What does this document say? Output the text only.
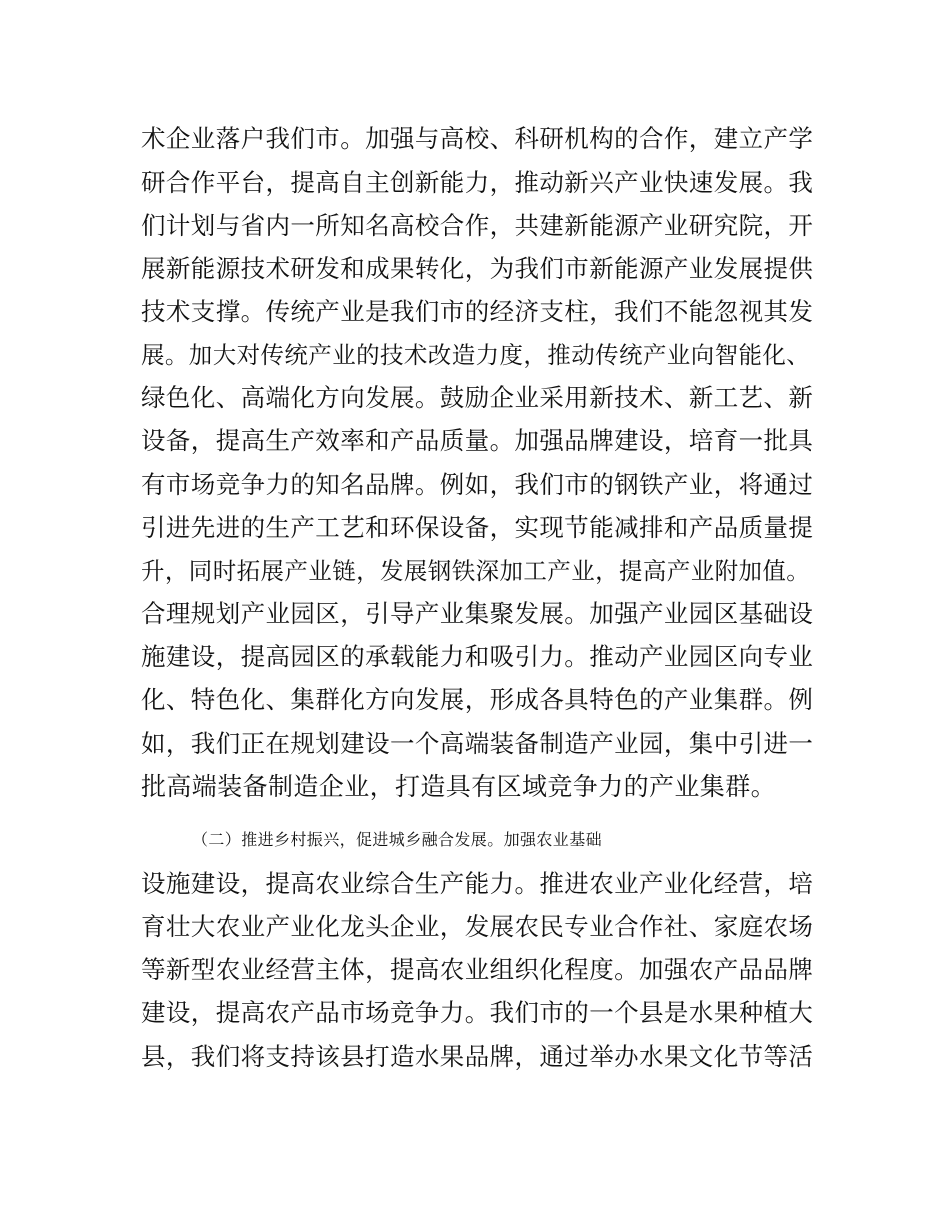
术企业落户我们市。加强与高校、科研机构的合作，建立产学
研合作平台，提高自主创新能力，推动新兴产业快速发展。我
们计划与省内一所知名高校合作，共建新能源产业研究院，开
展新能源技术研发和成果转化，为我们市新能源产业发展提供
技术支撑。传统产业是我们市的经济支柱，我们不能忽视其发
展。加大对传统产业的技术改造力度，推动传统产业向智能化、
绿色化、高端化方向发展。鼓励企业采用新技术、新工艺、新
设备，提高生产效率和产品质量。加强品牌建设，培育一批具
有市场竞争力的知名品牌。例如，我们市的钢铁产业，将通过
引进先进的生产工艺和环保设备，实现节能减排和产品质量提
升，同时拓展产业链，发展钢铁深加工产业，提高产业附加值。
合理规划产业园区，引导产业集聚发展。加强产业园区基础设
施建设，提高园区的承载能力和吸引力。推动产业园区向专业
化、特色化、集群化方向发展，形成各具特色的产业集群。例
如，我们正在规划建设一个高端装备制造产业园，集中引进一
批高端装备制造企业，打造具有区域竞争力的产业集群。
（二）推进乡村振兴，促进城乡融合发展。加强农业基础
设施建设，提高农业综合生产能力。推进农业产业化经营，培
育壮大农业产业化龙头企业，发展农民专业合作社、家庭农场
等新型农业经营主体，提高农业组织化程度。加强农产品品牌
建设，提高农产品市场竞争力。我们市的一个县是水果种植大
县，我们将支持该县打造水果品牌，通过举办水果文化节等活
